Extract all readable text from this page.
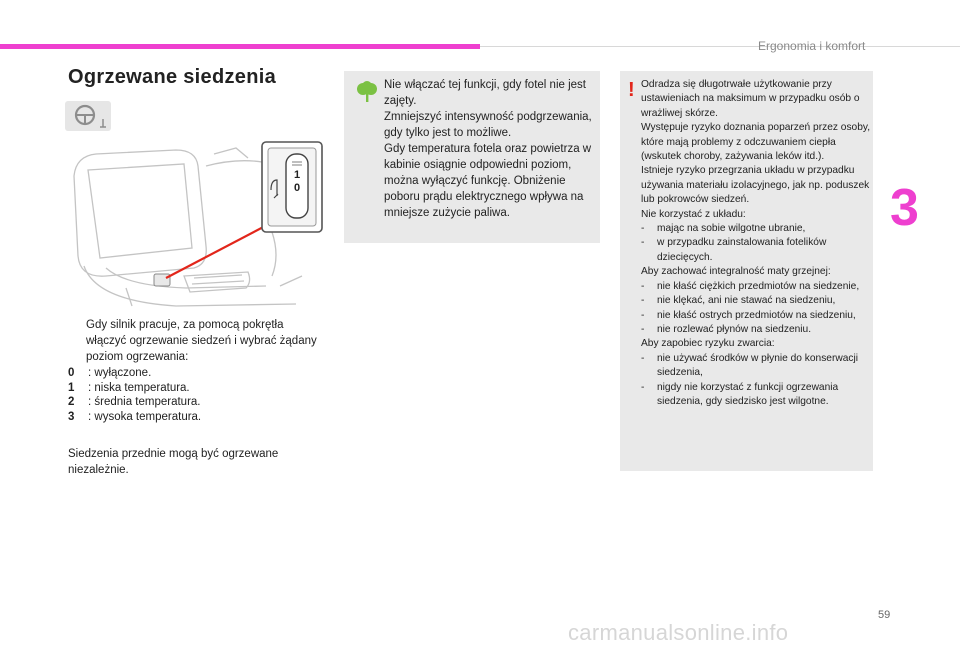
Ergonomia i komfort
3
Ogrzewane siedzenia
1
0
Gdy silnik pracuje, za pomocą pokrętła włączyć ogrzewanie siedzeń i wybrać żądany poziom ogrzewania:
0	: wyłączone.
1	: niska temperatura.
2	: średnia temperatura.
3	: wysoka temperatura.
Siedzenia przednie mogą być ogrzewane niezależnie.
Nie włączać tej funkcji, gdy fotel nie jest zajęty.
Zmniejszyć intensywność podgrzewania, gdy tylko jest to możliwe.
Gdy temperatura fotela oraz powietrza w kabinie osiągnie odpowiedni poziom, można wyłączyć funkcję. Obniżenie poboru prądu elektrycznego wpływa na mniejsze zużycie paliwa.
! Odradza się długotrwałe użytkowanie przy ustawieniach na maksimum w przypadku osób o wrażliwej skórze.

Występuje ryzyko doznania poparzeń przez osoby, które mają problemy z odczuwaniem ciepła (wskutek choroby, zażywania leków itd.).

Istnieje ryzyko przegrzania układu w przypadku używania materiału izolacyjnego, jak np. poduszek lub pokrowców siedzeń.

Nie korzystać z układu:

-	mając na sobie wilgotne ubranie,
-	w przypadku zainstalowania fotelików dziecięcych.

Aby zachować integralność maty grzejnej:

-	nie kłaść ciężkich przedmiotów na siedzenie,
-	nie klękać, ani nie stawać na siedzeniu,
-	nie kłaść ostrych przedmiotów na siedzeniu,
-	nie rozlewać płynów na siedzeniu.

Aby zapobiec ryzyku zwarcia:

-	nie używać środków w płynie do konserwacji siedzenia,
-	nigdy nie korzystać z funkcji ogrzewania siedzenia, gdy siedzisko jest wilgotne.
59
carmanualsonline.info
